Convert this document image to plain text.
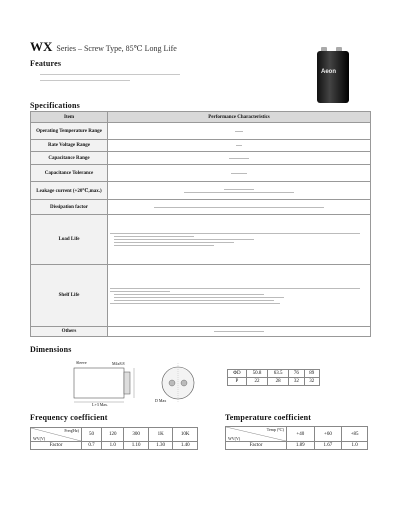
WX Series – Screw Type, 85℃ Long Life
Features
Aeon
Specifications
Item	Performance Characteristics
Operating Temperature Range	

Rate Voltage Range	

Capacitance Range	

Capacitance Tolerance	

Leakage current (+20℃,max.)	

Dissipation factor	

Load Life	

Shelf Life	

Others	
Dimensions
Sleeve	M4x8.8
L+3 Max.
D Max
ΦD	50.8	63.5	76	89
P	22	28	32	32
Frequency coefficient
Freq(Hz)
WV(V)	50	120	300	1K	10K
Factor	0.7	1.0	1.10	1.30	1.40
Temperature coefficient
Temp (℃)
WV(V)	+40	+60	+85
Factor	1.89	1.67	1.0
